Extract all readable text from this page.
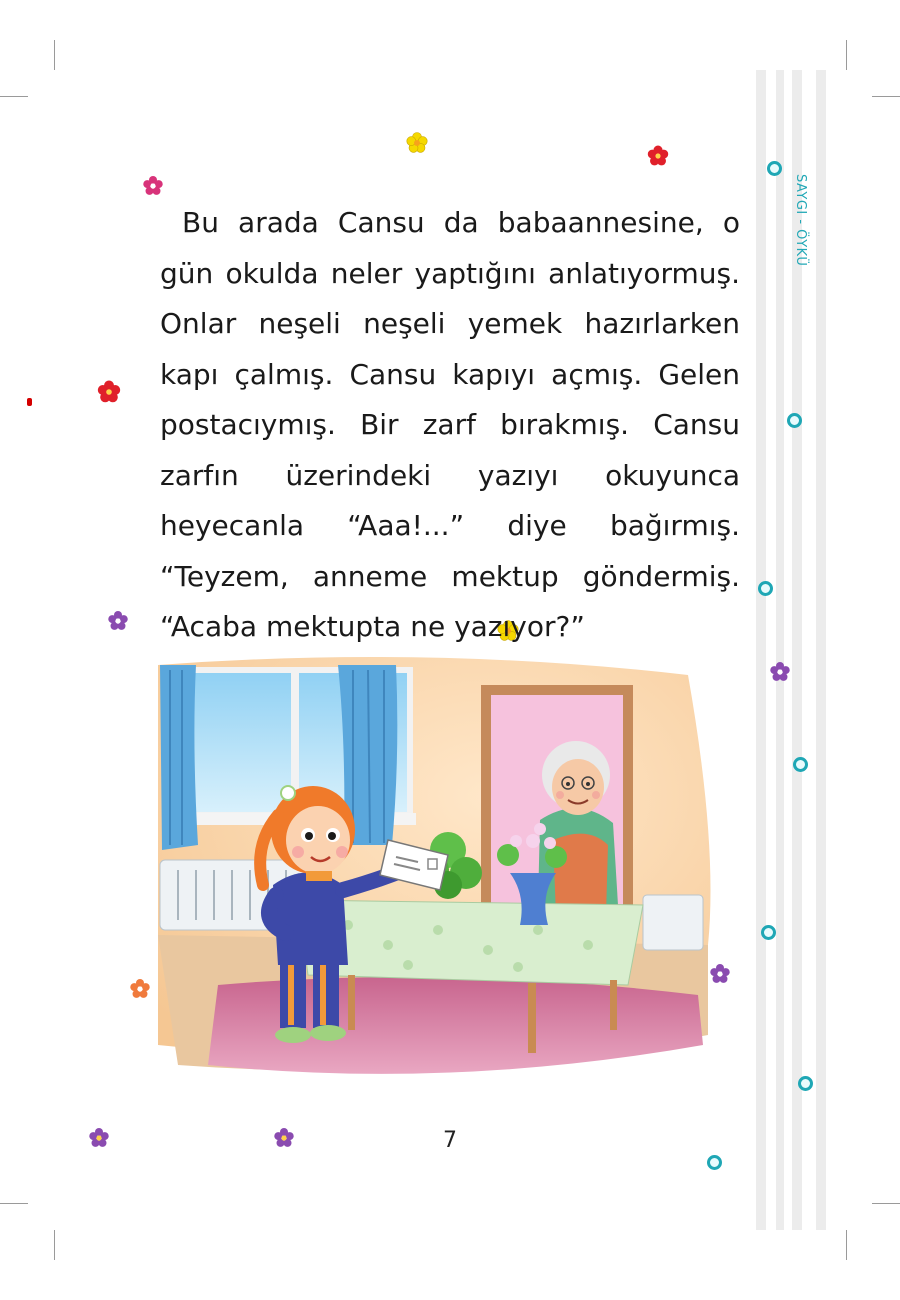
SAYGI - ÖYKÜ

Bu arada Cansu da babaannesine, o gün okulda neler yaptığını anlatıyormuş. Onlar neşeli neşeli yemek hazırlarken kapı çalmış. Cansu kapıyı açmış. Gelen postacıymış. Bir zarf bırakmış. Cansu zarfın üzerindeki yazıyı okuyunca heyecanla “Aaa!...” diye bağırmış. “Teyzem, anneme mektup göndermiş. “Acaba mektupta ne yazıyor?”

7
